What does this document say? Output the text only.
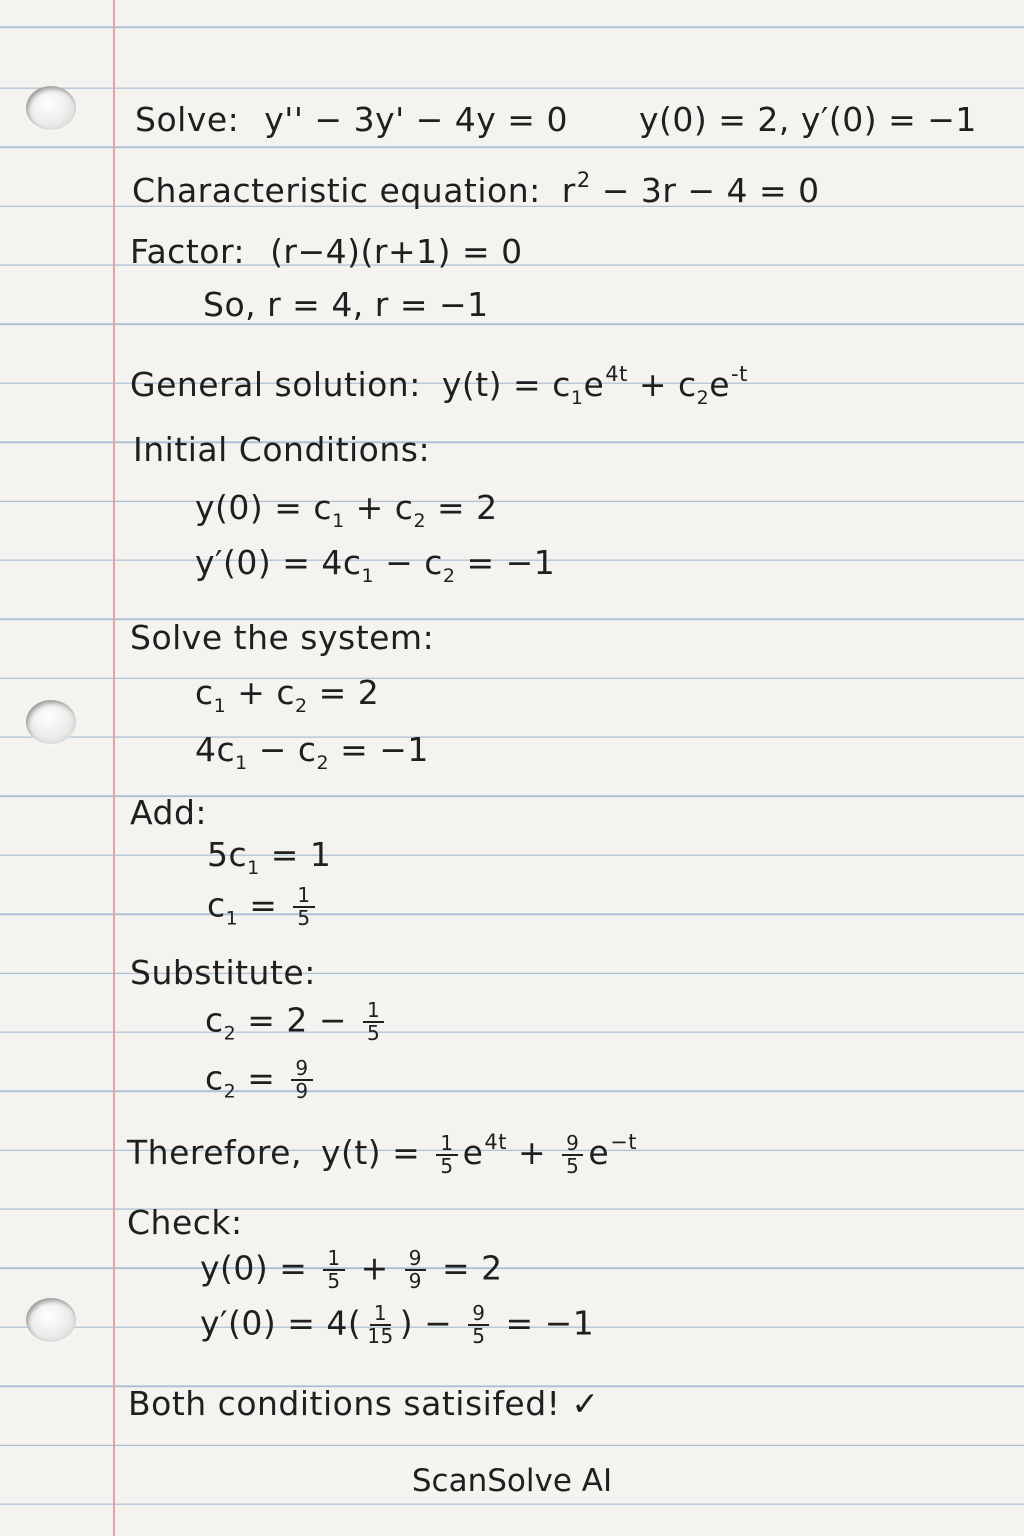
Solve: y'' − 3y' − 4y = 0 y(0) = 2, y′(0) = −1
Characteristic equation: $r^2 - 3r - 4 = 0$
Factor: (r−4)(r+1) = 0
So, r = 4, r = −1
General solution: $y(t) = c_1e^{4t} + c_2e^{-t}$
Initial Conditions:
$y(0) = c_1 + c_2 = 2$
$y'(0) = 4c_1 - c_2 = -1$
Solve the system:
$c_1 + c_2 = 2$
$4c_1 - c_2 = -1$
Add:
$5c_1 = 1$
$c_1 = \frac{1}{5}$
Substitute:
$c_2 = 2 - \frac{1}{5}$
$c_2 = \frac{9}{9}$
Therefore, $y(t) = \frac{1}{5} e^{4t} + \frac{9}{5} e^{-t}$
Check:
$y(0) = \frac{1}{5} + \frac{9}{9} = 2$
$y'(0) = 4( \frac{1}{15}$ ) − $\frac{9}{5} = -1$
Both conditions satisifed! ✓
ScanSolve AI
